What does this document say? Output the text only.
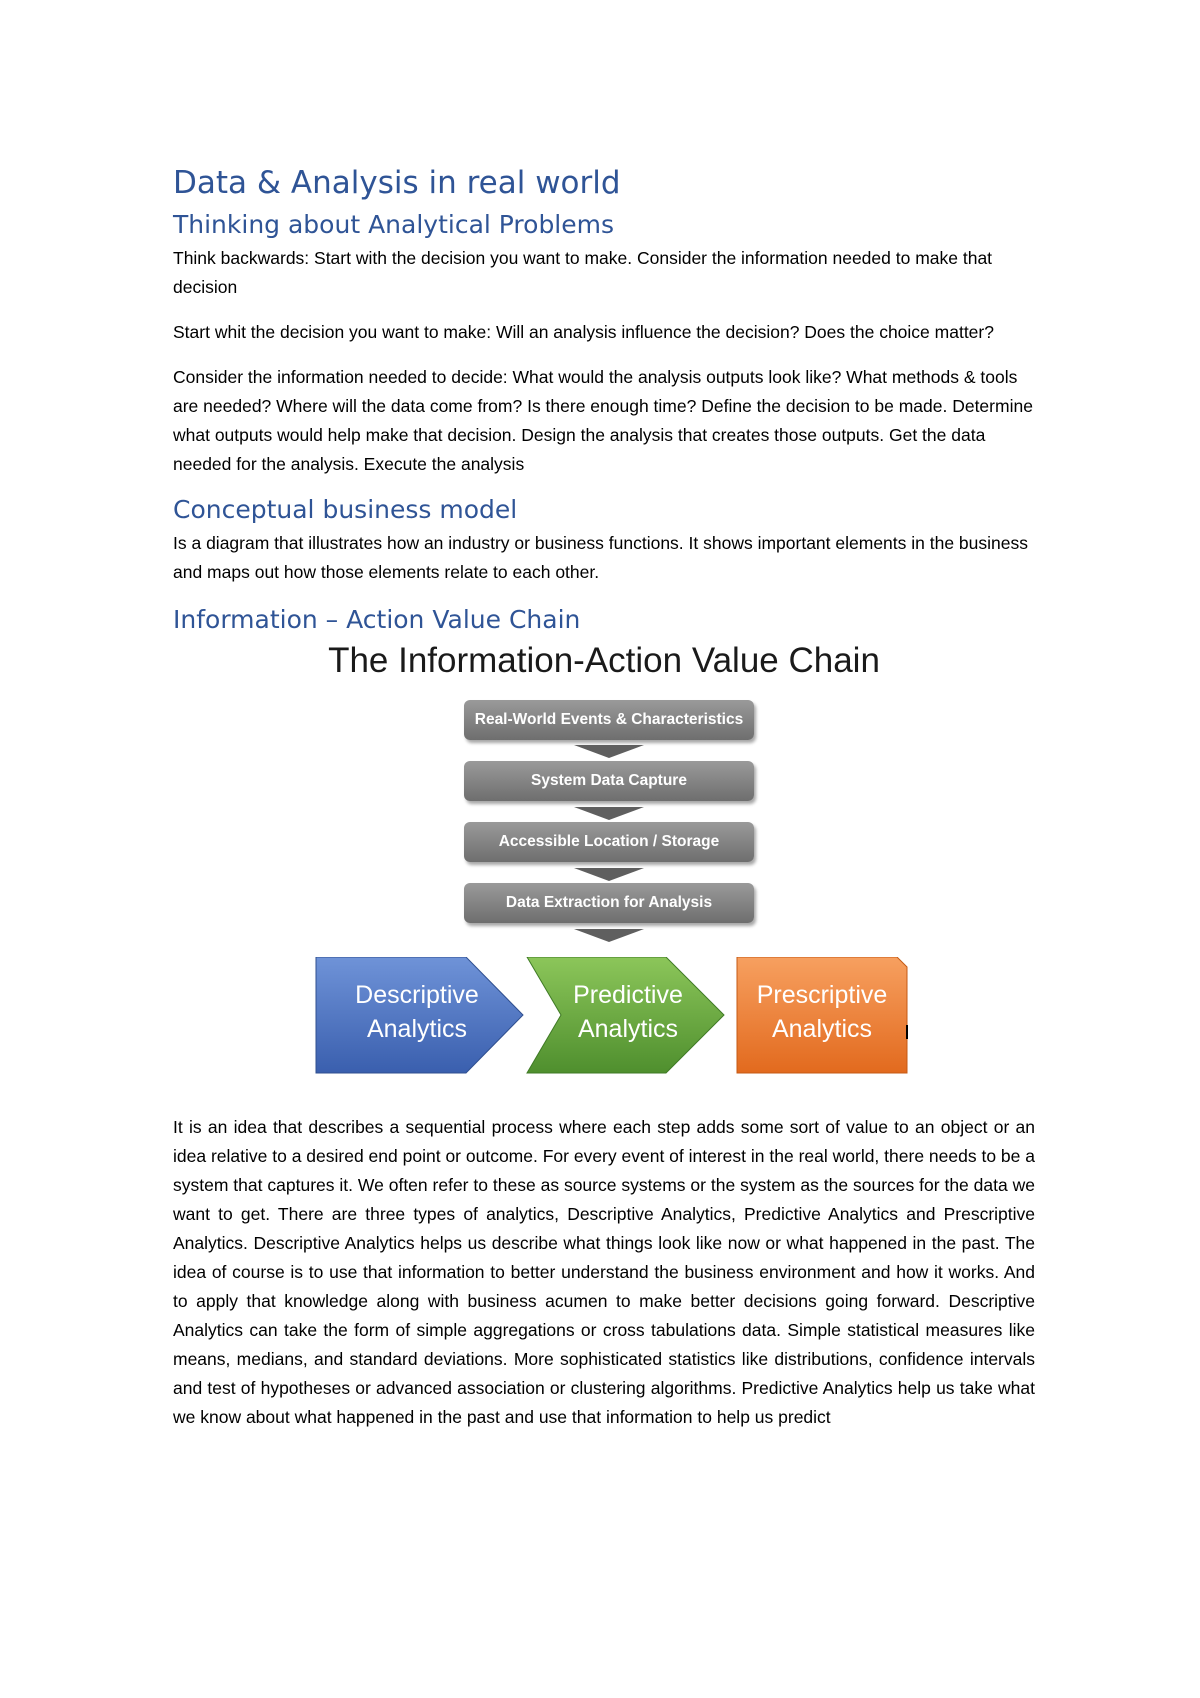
Data & Analysis in real world
Thinking about Analytical Problems

Think backwards: Start with the decision you want to make. Consider the information needed to make that decision

Start whit the decision you want to make: Will an analysis influence the decision? Does the choice matter?

Consider the information needed to decide: What would the analysis outputs look like? What methods & tools are needed? Where will the data come from? Is there enough time? Define the decision to be made. Determine what outputs would help make that decision. Design the analysis that creates those outputs. Get the data needed for the analysis. Execute the analysis

Conceptual business model

Is a diagram that illustrates how an industry or business functions. It shows important elements in the business and maps out how those elements relate to each other.

Information – Action Value Chain
The Information-Action Value Chain
Real-World Events & Characteristics
System Data Capture
Accessible Location / Storage
Data Extraction for Analysis
Descriptive
Analytics
Predictive
Analytics
Prescriptive
Analytics

It is an idea that describes a sequential process where each step adds some sort of value to an object or an idea relative to a desired end point or outcome. For every event of interest in the real world, there needs to be a system that captures it. We often refer to these as source systems or the system as the sources for the data we want to get. There are three types of analytics, Descriptive Analytics, Predictive Analytics and Prescriptive Analytics. Descriptive Analytics helps us describe what things look like now or what happened in the past. The idea of course is to use that information to better understand the business environment and how it works. And to apply that knowledge along with business acumen to make better decisions going forward. Descriptive Analytics can take the form of simple aggregations or cross tabulations data. Simple statistical measures like means, medians, and standard deviations. More sophisticated statistics like distributions, confidence intervals and test of hypotheses or advanced association or clustering algorithms. Predictive Analytics help us take what we know about what happened in the past and use that information to help us predict
